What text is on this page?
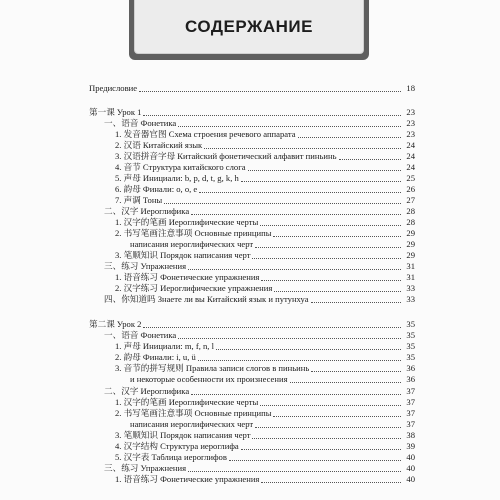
СОДЕРЖАНИЕ
Предисловие	18
第一课 Урок 1	23
一、语音 Фонетика	23
1. 发音器官图 Схема строения речевого аппарата	23
2. 汉语 Китайский язык	24
3. 汉语拼音字母 Китайский фонетический алфавит пиньинь	24
4. 音节 Структура китайского слога	24
5. 声母 Инициали: b, p, d, t, g, k, h	25
6. 韵母 Финали: о, о, е	26
7. 声调 Тоны	27
二、汉字 Иероглифика	28
1. 汉字的笔画 Иероглифические черты	28
2. 书写笔画注意事项 Основные принципы	29
написания иероглифических черт	29
3. 笔顺知识 Порядок написания черт	29
三、练习 Упражнения	31
1. 语音练习 Фонетические упражнения	31
2. 汉字练习 Иероглифические упражнения	33
四、你知道吗 Знаете ли вы Китайский язык и путунхуа	33
第二课 Урок 2	35
一、语音 Фонетика	35
1. 声母 Инициали: m, f, n, l	35
2. 韵母 Финали: i, u, ü	35
3. 音节的拼写规则 Правила записи слогов в пиньинь	36
и некоторые особенности их произнесения	36
二、汉字 Иероглифика	37
1. 汉字的笔画 Иероглифические черты	37
2. 书写笔画注意事项 Основные принципы	37
написания иероглифических черт	37
3. 笔顺知识 Порядок написания черт	38
4. 汉字结构 Структура иероглифа	39
5. 汉字表 Таблица иероглифов	40
三、练习 Упражнения	40
1. 语音练习 Фонетические упражнения	40
